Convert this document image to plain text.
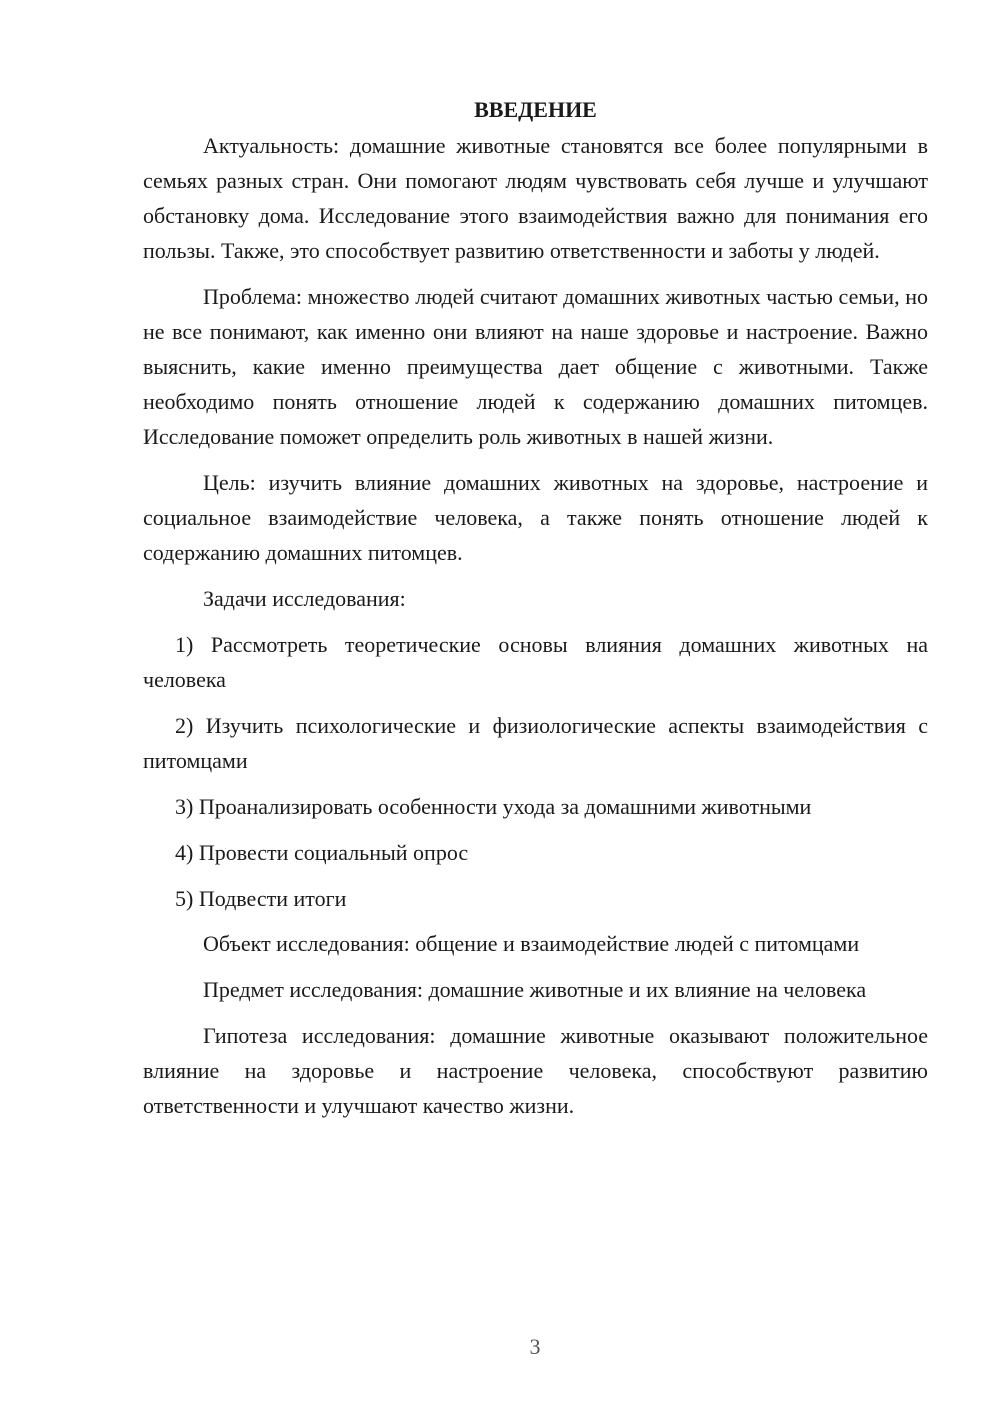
ВВЕДЕНИЕ

Актуальность: домашние животные становятся все более популярными в семьях разных стран. Они помогают людям чувствовать себя лучше и улучшают обстановку дома. Исследование этого взаимодействия важно для понимания его пользы. Также, это способствует развитию ответственности и заботы у людей.

Проблема: множество людей считают домашних животных частью семьи, но не все понимают, как именно они влияют на наше здоровье и настроение. Важно выяснить, какие именно преимущества дает общение с животными. Также необходимо понять отношение людей к содержанию домашних питомцев. Исследование поможет определить роль животных в нашей жизни.

Цель: изучить влияние домашних животных на здоровье, настроение и социальное взаимодействие человека, а также понять отношение людей к содержанию домашних питомцев.

Задачи исследования:

1) Рассмотреть теоретические основы влияния домашних животных на человека

2) Изучить психологические и физиологические аспекты взаимодействия с питомцами

3) Проанализировать особенности ухода за домашними животными

4) Провести социальный опрос

5) Подвести итоги

Объект исследования: общение и взаимодействие людей с питомцами

Предмет исследования: домашние животные и их влияние на человека

Гипотеза исследования: домашние животные оказывают положительное влияние на здоровье и настроение человека, способствуют развитию ответственности и улучшают качество жизни.

3
